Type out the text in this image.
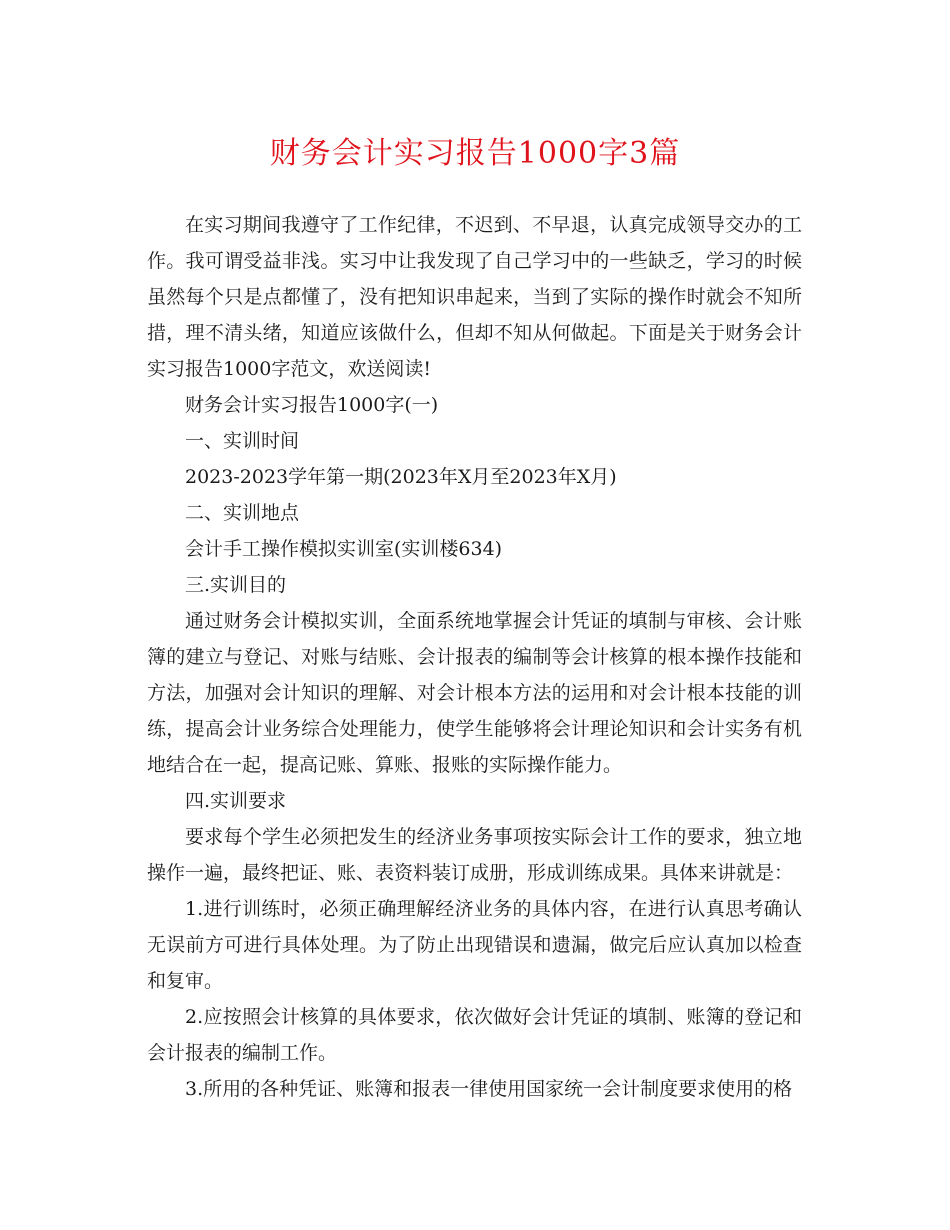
财务会计实习报告1000字3篇

在实习期间我遵守了工作纪律，不迟到、不早退，认真完成领导交办的工作。我可谓受益非浅。实习中让我发现了自己学习中的一些缺乏，学习的时候虽然每个只是点都懂了，没有把知识串起来，当到了实际的操作时就会不知所措，理不清头绪，知道应该做什么，但却不知从何做起。下面是关于财务会计实习报告1000字范文，欢送阅读!

财务会计实习报告1000字(一)

一、实训时间

2023-2023学年第一期(2023年X月至2023年X月)

二、实训地点

会计手工操作模拟实训室(实训楼634)

三.实训目的

通过财务会计模拟实训，全面系统地掌握会计凭证的填制与审核、会计账簿的建立与登记、对账与结账、会计报表的编制等会计核算的根本操作技能和方法，加强对会计知识的理解、对会计根本方法的运用和对会计根本技能的训练，提高会计业务综合处理能力，使学生能够将会计理论知识和会计实务有机地结合在一起，提高记账、算账、报账的实际操作能力。

四.实训要求

要求每个学生必须把发生的经济业务事项按实际会计工作的要求，独立地操作一遍，最终把证、账、表资料装订成册，形成训练成果。具体来讲就是：

1.进行训练时，必须正确理解经济业务的具体内容，在进行认真思考确认无误前方可进行具体处理。为了防止出现错误和遗漏，做完后应认真加以检查和复审。

2.应按照会计核算的具体要求，依次做好会计凭证的填制、账簿的登记和会计报表的编制工作。

3.所用的各种凭证、账簿和报表一律使用国家统一会计制度要求使用的格
